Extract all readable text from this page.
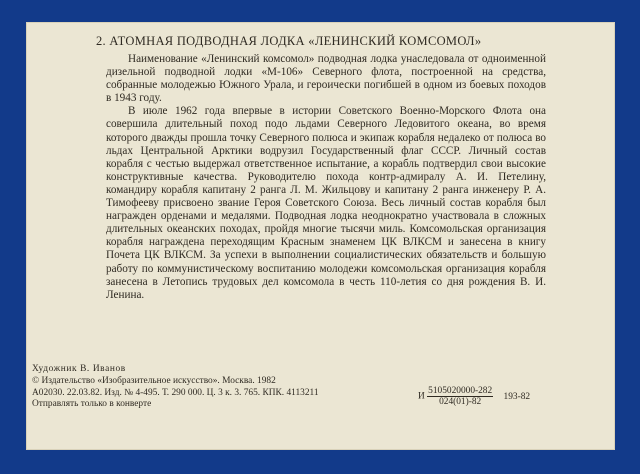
2. АТОМНАЯ ПОДВОДНАЯ ЛОДКА «ЛЕНИНСКИЙ КОМСОМОЛ»

Наименование «Ленинский комсомол» подводная лодка унаследовала от одноименной дизельной подводной лодки «М-106» Северного флота, построенной на средства, собранные молодежью Южного Урала, и героически погибшей в одном из боевых походов в 1943 году.

В июле 1962 года впервые в истории Советского Военно-Морского Флота она совершила длительный поход подо льдами Северного Ледовитого океана, во время которого дважды прошла точку Северного полюса и экипаж корабля недалеко от полюса во льдах Центральной Арктики водрузил Государственный флаг СССР. Личный состав корабля с честью выдержал ответственное испытание, а корабль подтвердил свои высокие конструктивные качества. Руководителю похода контр-адмиралу А. И. Петелину, командиру корабля капитану 2 ранга Л. М. Жильцову и капитану 2 ранга инженеру Р. А. Тимофееву присвоено звание Героя Советского Союза. Весь личный состав корабля был награжден орденами и медалями. Подводная лодка неоднократно участвовала в сложных длительных океанских походах, пройдя многие тысячи миль. Комсомольская организация корабля награждена переходящим Красным знаменем ЦК ВЛКСМ и занесена в книгу Почета ЦК ВЛКСМ. За успехи в выполнении социалистических обязательств и большую работу по коммунистическому воспитанию молодежи комсомольская организация корабля занесена в Летопись трудовых дел комсомола в честь 110-летия со дня рождения В. И. Ленина.

Художник В. Иванов
© Издательство «Изобразительное искусство». Москва. 1982
А02030. 22.03.82. Изд. № 4-495. Т. 290 000. Ц. 3 к. 3. 765. КПК. 4113211
Отправлять только в конверте
И $\frac{5105020000-282}{024(01)-82} 193-82$
